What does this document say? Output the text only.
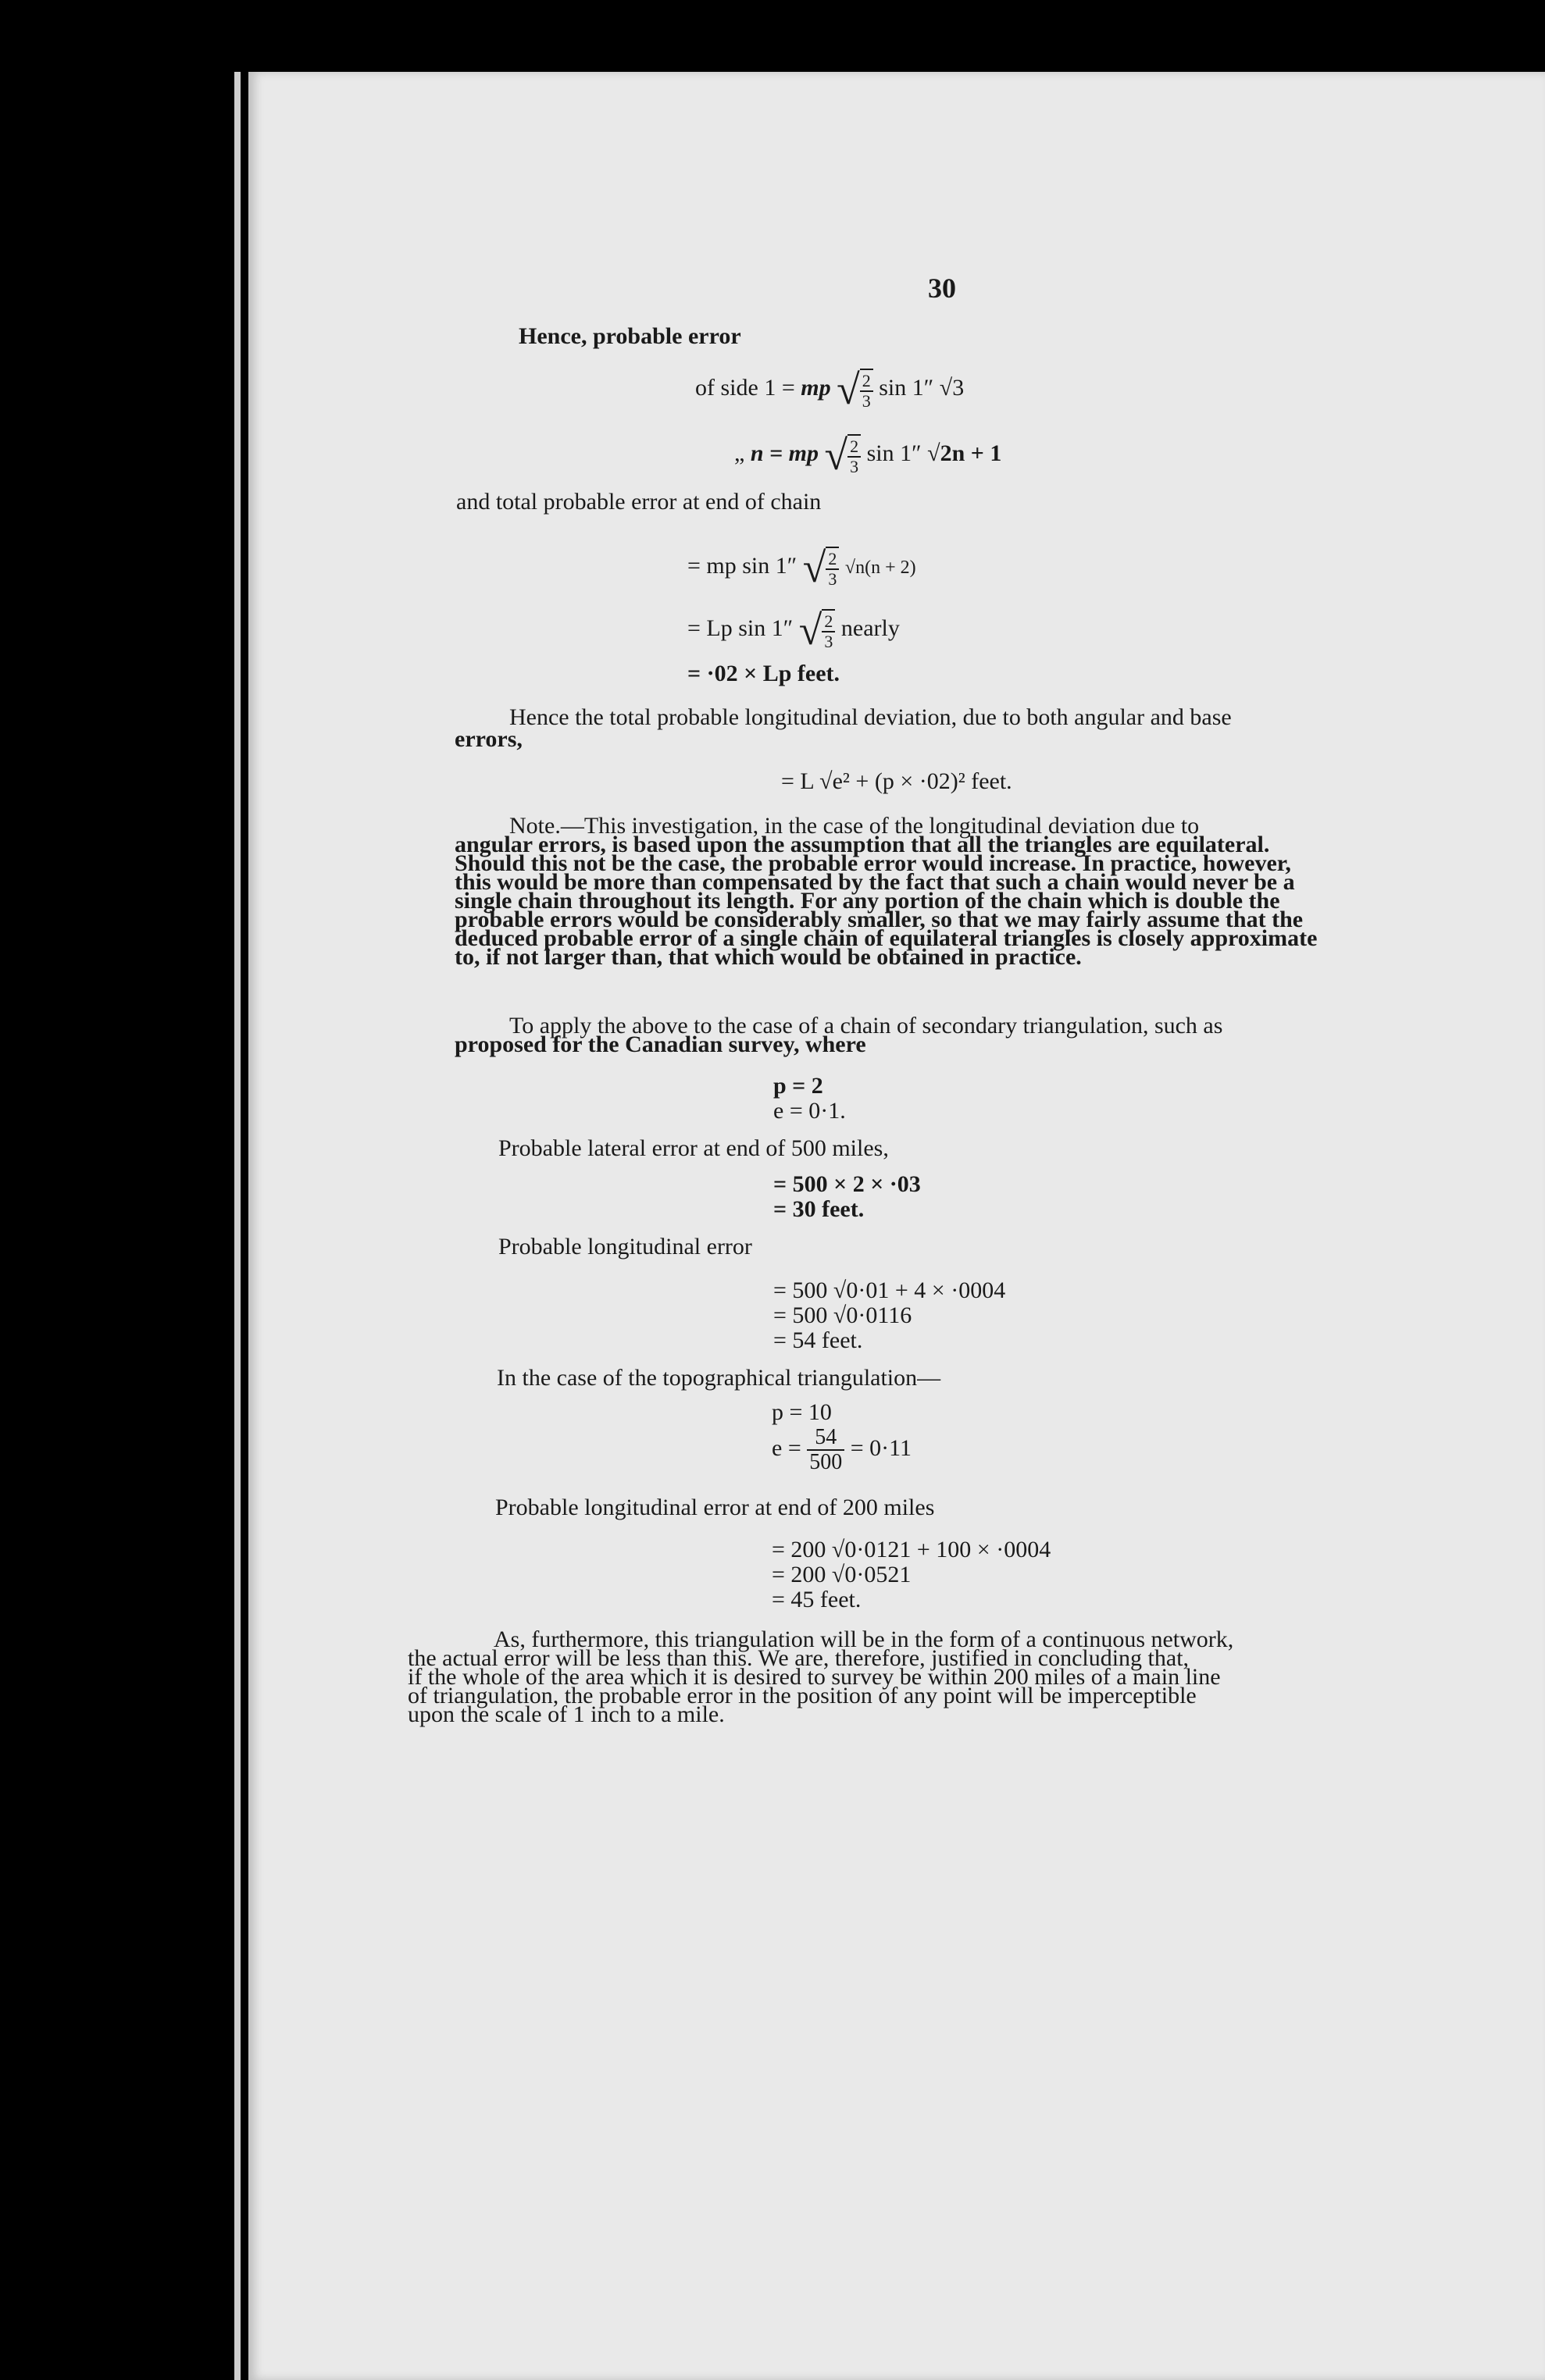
30
Hence, probable error
of side 1 = mp √ $\frac{2}{3}$ sin 1″ √3
„ n = mp √ $\frac{2}{3}$ sin 1″ √2n + 1
and total probable error at end of chain
= mp sin 1″ √ $\frac{2}{3} √n(n + 2)$
= Lp sin 1″ √ $\frac{2}{3}$ nearly
= ·02 × Lp feet.
Hence the total probable longitudinal deviation, due to both angular and base
errors,
= L √e² + (p × ·02)² feet.
Note.—This investigation, in the case of the longitudinal deviation due to
angular errors, is based upon the assumption that all the triangles are equilateral.
Should this not be the case, the probable error would increase. In practice, however,
this would be more than compensated by the fact that such a chain would never be a
single chain throughout its length. For any portion of the chain which is double the
probable errors would be considerably smaller, so that we may fairly assume that the
deduced probable error of a single chain of equilateral triangles is closely approximate
to, if not larger than, that which would be obtained in practice.
To apply the above to the case of a chain of secondary triangulation, such as
proposed for the Canadian survey, where
p = 2
e = 0·1.
Probable lateral error at end of 500 miles,
= 500 × 2 × ·03
= 30 feet.
Probable longitudinal error
= 500 √0·01 + 4 × ·0004
= 500 √0·0116
= 54 feet.
In the case of the topographical triangulation—
p = 10
$e = \frac{54}{500} = 0\cdot 11$
Probable longitudinal error at end of 200 miles
= 200 √0·0121 + 100 × ·0004
= 200 √0·0521
= 45 feet.
As, furthermore, this triangulation will be in the form of a continuous network,
the actual error will be less than this. We are, therefore, justified in concluding that,
if the whole of the area which it is desired to survey be within 200 miles of a main line
of triangulation, the probable error in the position of any point will be imperceptible
upon the scale of 1 inch to a mile.
